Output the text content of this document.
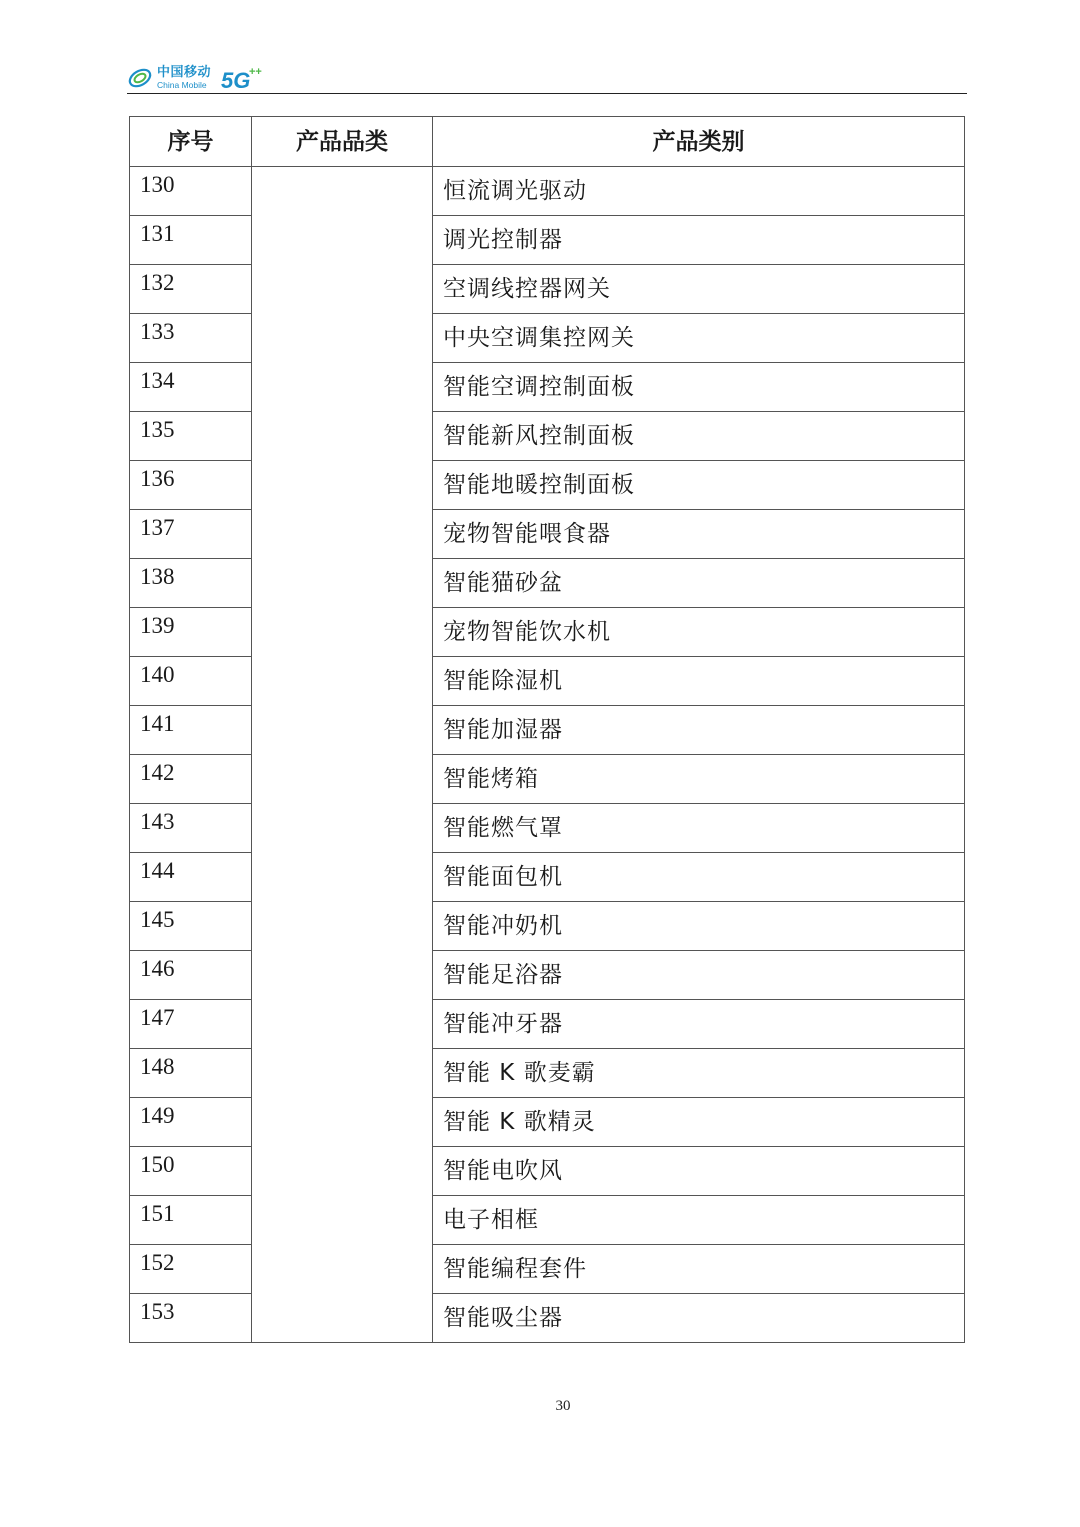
中国移动
China Mobile 5G
++
序号	产品品类	产品类别
130		恒流调光驱动
131		调光控制器
132		空调线控器网关
133		中央空调集控网关
134		智能空调控制面板
135		智能新风控制面板
136		智能地暖控制面板
137		宠物智能喂食器
138		智能猫砂盆
139		宠物智能饮水机
140		智能除湿机
141		智能加湿器
142		智能烤箱
143		智能燃气罩
144		智能面包机
145		智能冲奶机
146		智能足浴器
147		智能冲牙器
148		智能 K 歌麦霸
149		智能 K 歌精灵
150		智能电吹风
151		电子相框
152		智能编程套件
153		智能吸尘器
30
